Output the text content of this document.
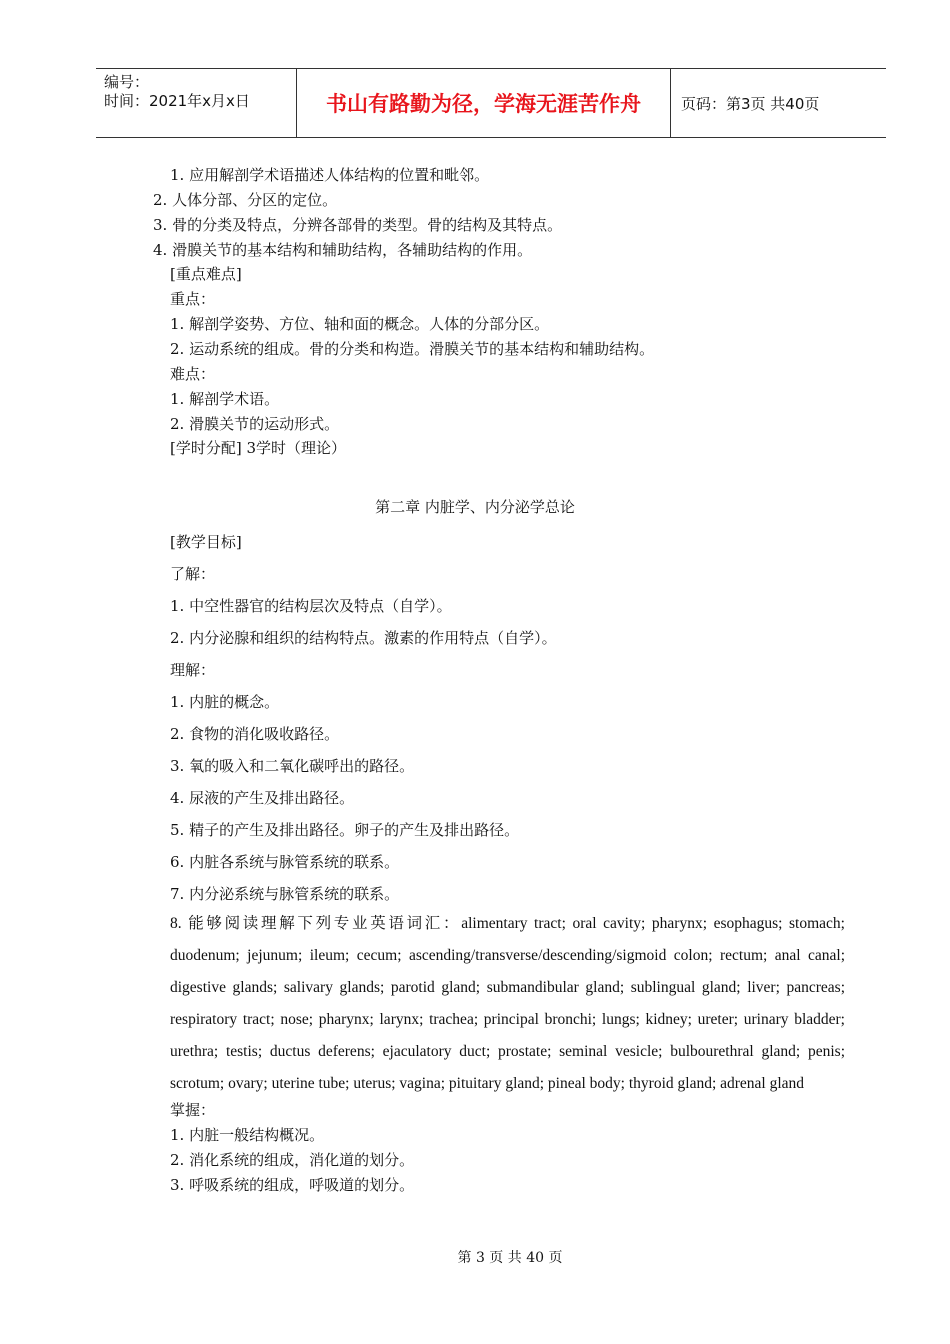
编号：
时间：2021年x月x日	书山有路勤为径，学海无涯苦作舟	页码：第3页 共40页
1. 应用解剖学术语描述人体结构的位置和毗邻。
2. 人体分部、分区的定位。
3. 骨的分类及特点，分辨各部骨的类型。骨的结构及其特点。
4. 滑膜关节的基本结构和辅助结构，各辅助结构的作用。
[重点难点]
重点：
1. 解剖学姿势、方位、轴和面的概念。人体的分部分区。
2. 运动系统的组成。骨的分类和构造。滑膜关节的基本结构和辅助结构。
难点：
1. 解剖学术语。
2. 滑膜关节的运动形式。
[学时分配] 3学时（理论）
第二章 内脏学、内分泌学总论
[教学目标]
了解：
1. 中空性器官的结构层次及特点（自学）。
2. 内分泌腺和组织的结构特点。激素的作用特点（自学）。
理解：
1. 内脏的概念。
2. 食物的消化吸收路径。
3. 氧的吸入和二氧化碳呼出的路径。
4. 尿液的产生及排出路径。
5. 精子的产生及排出路径。卵子的产生及排出路径。
6. 内脏各系统与脉管系统的联系。
7. 内分泌系统与脉管系统的联系。
8. 能够阅读理解下列专业英语词汇：alimentary tract; oral cavity; pharynx; esophagus; stomach; duodenum; jejunum; ileum; cecum; ascending/transverse/descending/sigmoid colon; rectum; anal canal; digestive glands; salivary glands; parotid gland; submandibular gland; sublingual gland; liver; pancreas; respiratory tract; nose; pharynx; larynx; trachea; principal bronchi; lungs; kidney; ureter; urinary bladder; urethra; testis; ductus deferens; ejaculatory duct; prostate; seminal vesicle; bulbourethral gland; penis; scrotum; ovary; uterine tube; uterus; vagina; pituitary gland; pineal body; thyroid gland; adrenal gland
掌握：
1. 内脏一般结构概况。
2. 消化系统的组成，消化道的划分。
3. 呼吸系统的组成，呼吸道的划分。
第 3 页 共 40 页
